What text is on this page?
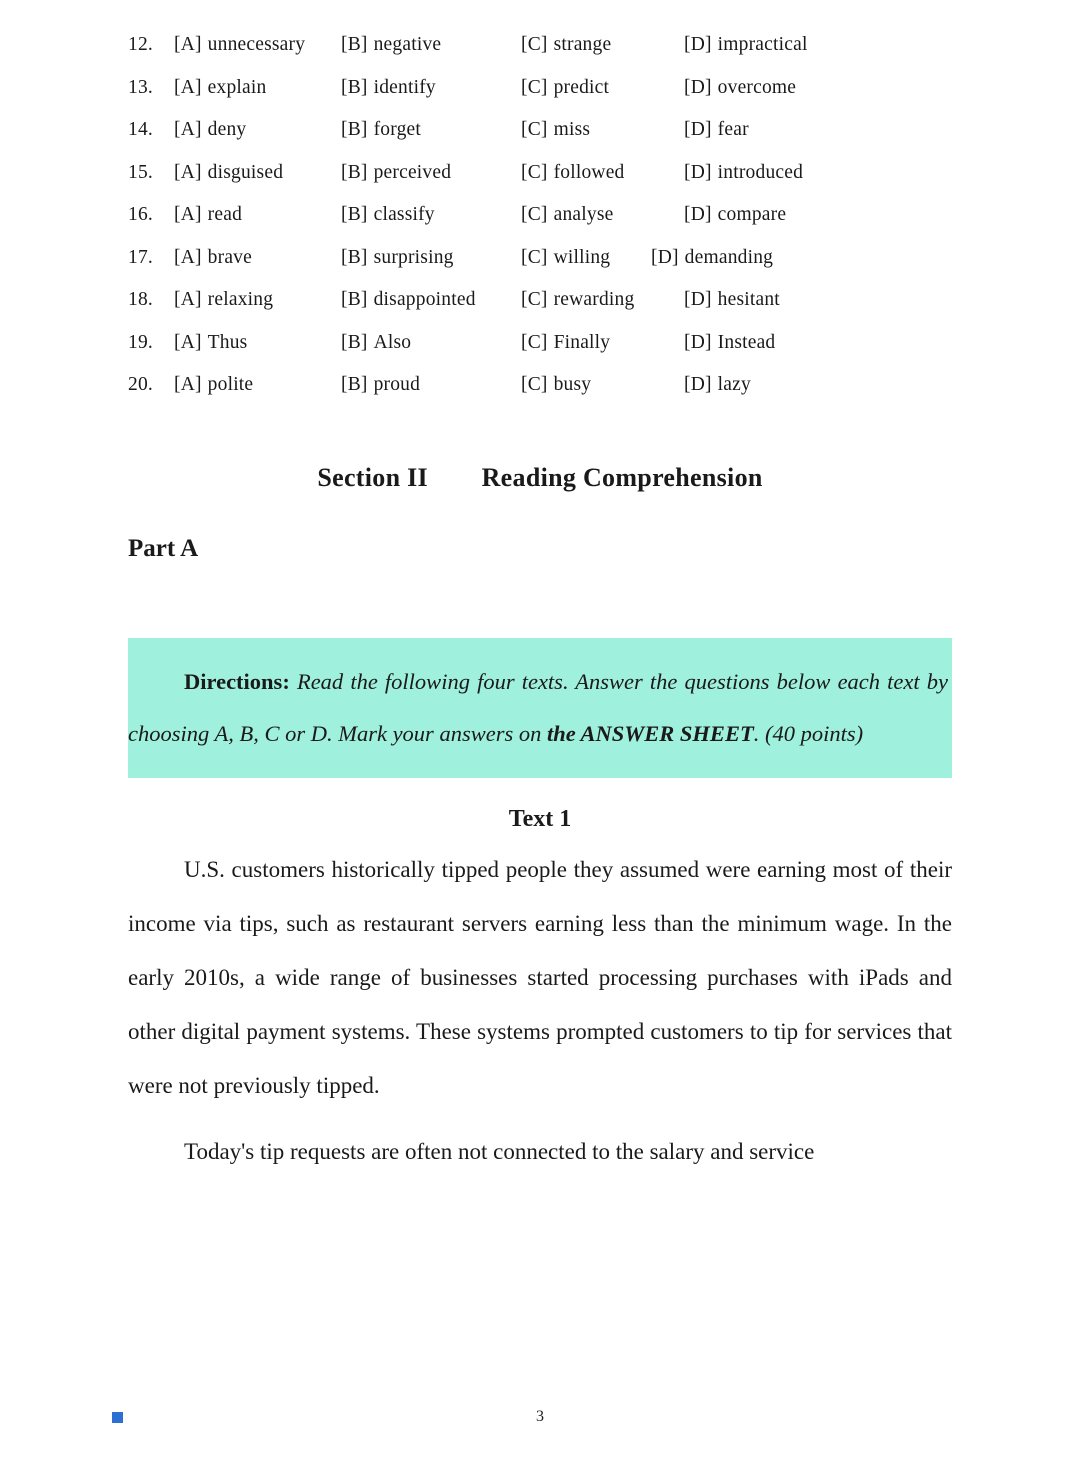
12.	[A] unnecessary	[B] negative	[C] strange	[D] impractical
13.	[A] explain	[B] identify	[C] predict	[D] overcome
14.	[A] deny	[B] forget	[C] miss	[D] fear
15.	[A] disguised	[B] perceived	[C] followed	[D] introduced
16.	[A] read	[B] classify	[C] analyse	[D] compare
17.	[A] brave	[B] surprising	[C] willing	[D] demanding
18.	[A] relaxing	[B] disappointed	[C] rewarding	[D] hesitant
19.	[A] Thus	[B] Also	[C] Finally	[D] Instead
20.	[A] polite	[B] proud	[C] busy	[D] lazy
Section II Reading Comprehension
Part A
Directions: Read the following four texts. Answer the questions below each text by choosing A, B, C or D. Mark your answers on the ANSWER SHEET. (40 points)
Text 1

U.S. customers historically tipped people they assumed were earning most of their income via tips, such as restaurant servers earning less than the minimum wage. In the early 2010s, a wide range of businesses started processing purchases with iPads and other digital payment systems. These systems prompted customers to tip for services that were not previously tipped.

Today's tip requests are often not connected to the salary and service

3
